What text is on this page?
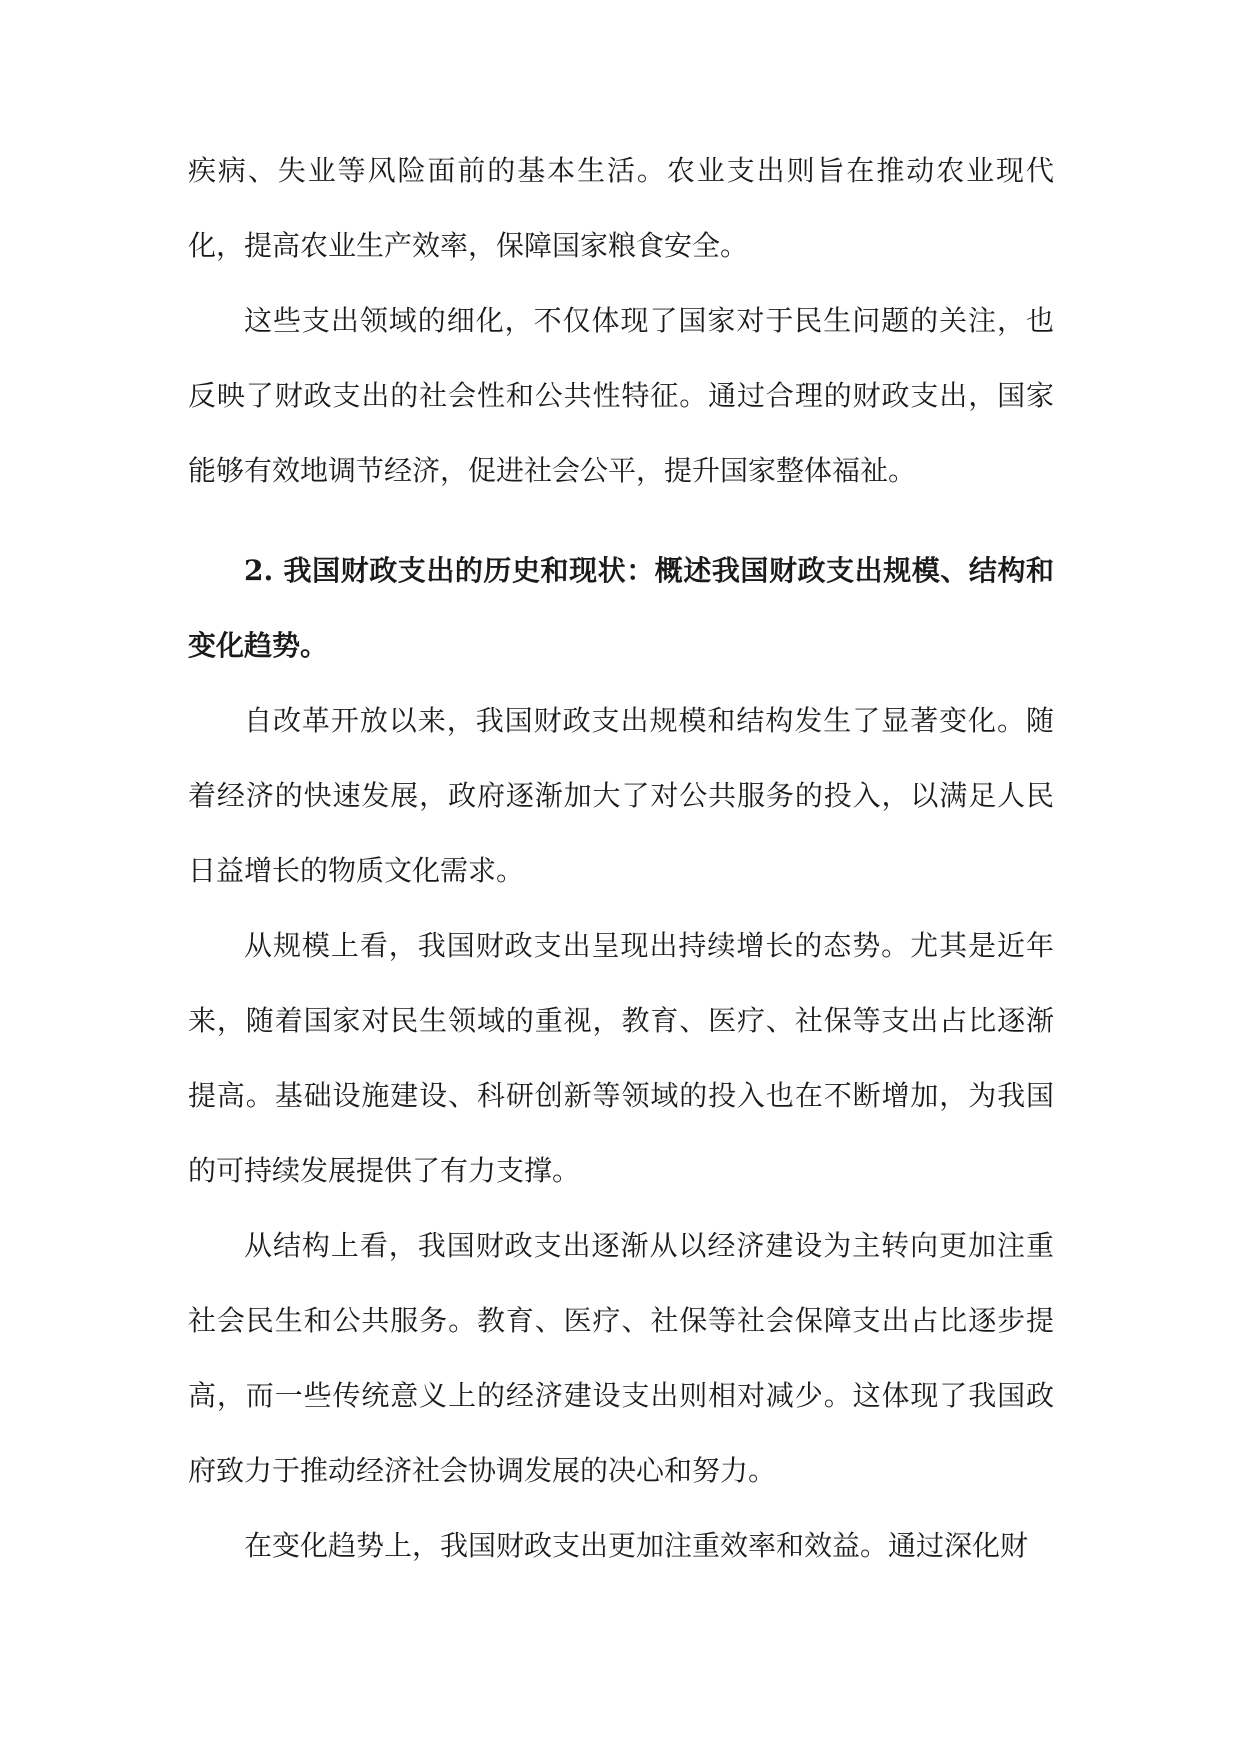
疾病、失业等风险面前的基本生活。农业支出则旨在推动农业现代化，提高农业生产效率，保障国家粮食安全。

这些支出领域的细化，不仅体现了国家对于民生问题的关注，也反映了财政支出的社会性和公共性特征。通过合理的财政支出，国家能够有效地调节经济，促进社会公平，提升国家整体福祉。

2. 我国财政支出的历史和现状：概述我国财政支出规模、结构和变化趋势。

自改革开放以来，我国财政支出规模和结构发生了显著变化。随着经济的快速发展，政府逐渐加大了对公共服务的投入，以满足人民日益增长的物质文化需求。

从规模上看，我国财政支出呈现出持续增长的态势。尤其是近年来，随着国家对民生领域的重视，教育、医疗、社保等支出占比逐渐提高。基础设施建设、科研创新等领域的投入也在不断增加，为我国的可持续发展提供了有力支撑。

从结构上看，我国财政支出逐渐从以经济建设为主转向更加注重社会民生和公共服务。教育、医疗、社保等社会保障支出占比逐步提高，而一些传统意义上的经济建设支出则相对减少。这体现了我国政府致力于推动经济社会协调发展的决心和努力。

在变化趋势上，我国财政支出更加注重效率和效益。通过深化财
